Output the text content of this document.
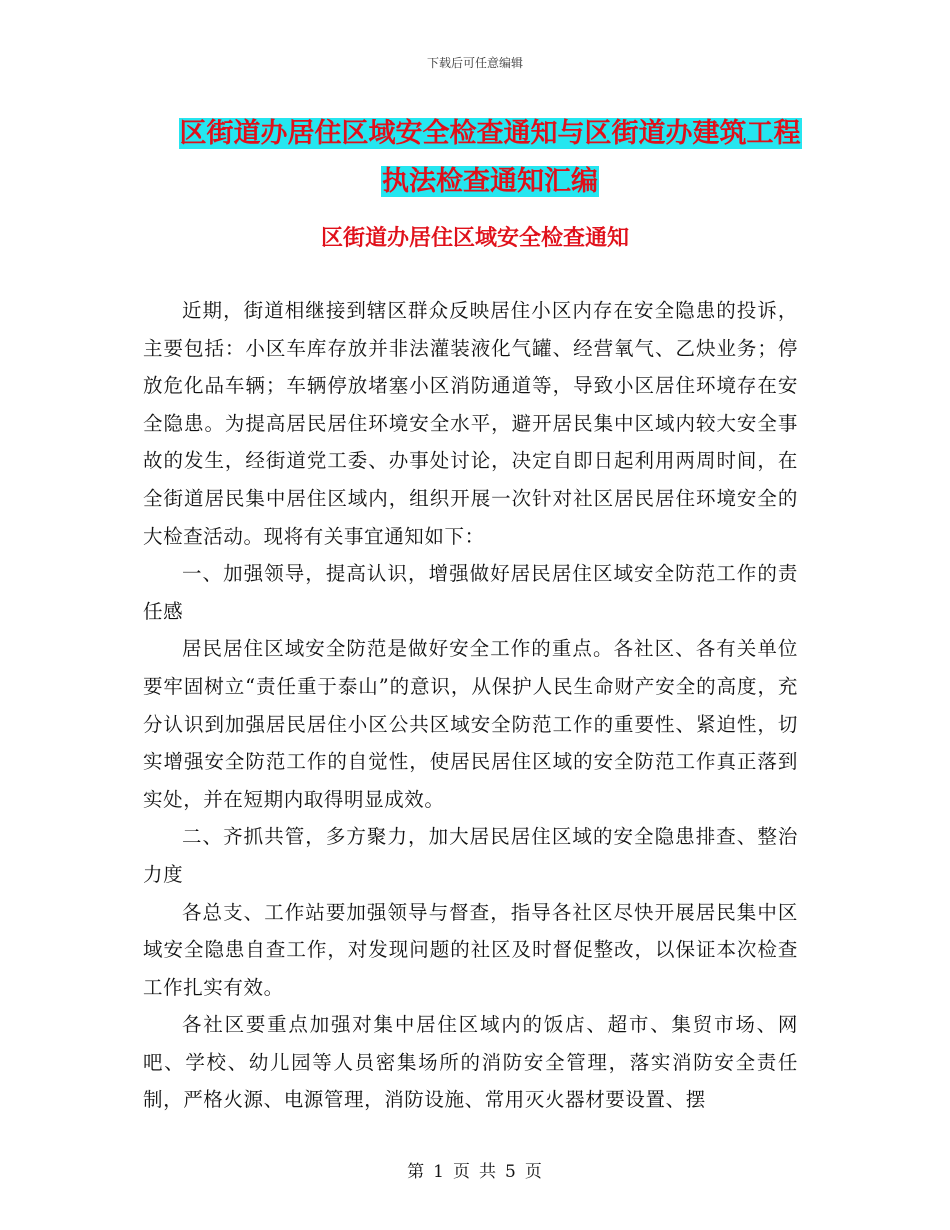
下载后可任意编辑
区街道办居住区域安全检查通知与区街道办建筑工程
执法检查通知汇编
区街道办居住区域安全检查通知

近期，街道相继接到辖区群众反映居住小区内存在安全隐患的投诉，主要包括：小区车库存放并非法灌装液化气罐、经营氧气、乙炔业务；停放危化品车辆；车辆停放堵塞小区消防通道等，导致小区居住环境存在安全隐患。为提高居民居住环境安全水平，避开居民集中区域内较大安全事故的发生，经街道党工委、办事处讨论，决定自即日起利用两周时间，在全街道居民集中居住区域内，组织开展一次针对社区居民居住环境安全的大检查活动。现将有关事宜通知如下：

一、加强领导，提高认识，增强做好居民居住区域安全防范工作的责任感

居民居住区域安全防范是做好安全工作的重点。各社区、各有关单位要牢固树立“责任重于泰山”的意识，从保护人民生命财产安全的高度，充分认识到加强居民居住小区公共区域安全防范工作的重要性、紧迫性，切实增强安全防范工作的自觉性，使居民居住区域的安全防范工作真正落到实处，并在短期内取得明显成效。

二、齐抓共管，多方聚力，加大居民居住区域的安全隐患排查、整治力度

各总支、工作站要加强领导与督查，指导各社区尽快开展居民集中区域安全隐患自查工作，对发现问题的社区及时督促整改，以保证本次检查工作扎实有效。

各社区要重点加强对集中居住区域内的饭店、超市、集贸市场、网吧、学校、幼儿园等人员密集场所的消防安全管理，落实消防安全责任制，严格火源、电源管理，消防设施、常用灭火器材要设置、摆

第 1 页 共 5 页
